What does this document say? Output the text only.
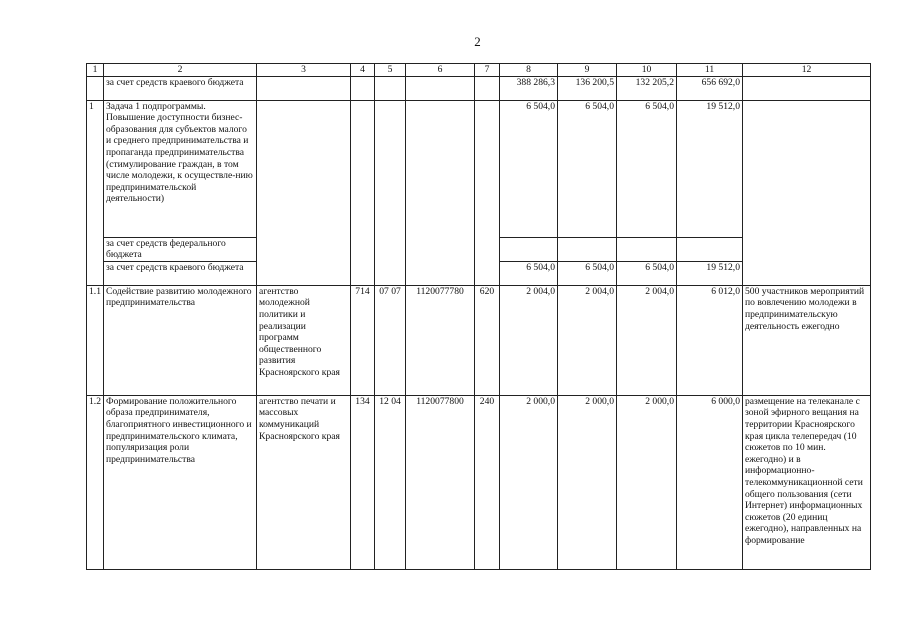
2
1	2	3	4	5	6	7	8	9	10	11	12
	за счет средств краевого бюджета						388 286,3	136 200,5	132 205,2	656 692,0	
1	Задача 1 подпрограммы. Повышение доступности бизнес-образования для субъектов малого и среднего предпринимательства и пропаганда предпринимательства (стимулирование граждан, в том числе молодежи, к осуществле-нию предпринимательской деятельности)						6 504,0	6 504,0	6 504,0	19 512,0	
	за счет средств федерального бюджета										
	за счет средств краевого бюджета						6 504,0	6 504,0	6 504,0	19 512,0	
1.1	Содействие развитию молодежного предпринимательства	агентство молодежной политики и реализации программ общественного развития Красноярского края	714	07 07	1120077780	620	2 004,0	2 004,0	2 004,0	6 012,0	500 участников мероприятий по вовлечению молодежи в предпринимательскую деятельность ежегодно
1.2	Формирование положительного образа предпринимателя, благоприятного инвестиционного и предпринимательского климата, популяризация роли предпринимательства	агентство печати и массовых коммуникаций Красноярского края	134	12 04	1120077800	240	2 000,0	2 000,0	2 000,0	6 000,0	размещение на телеканале с зоной эфирного вещания на территории Красноярского края цикла телепередач (10 сюжетов по 10 мин. ежегодно) и в информационно-телекоммуникационной сети общего пользования (сети Интернет) информационных сюжетов (20 единиц ежегодно), направленных на формирование
